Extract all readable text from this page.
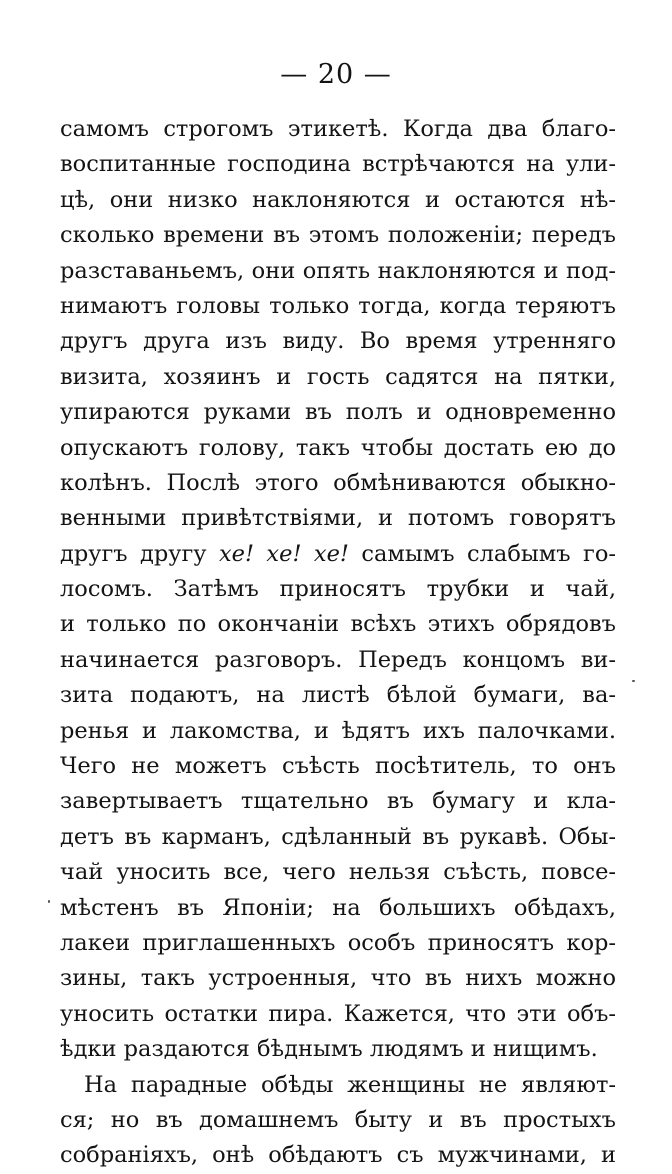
— 20 —
самомъ строгомъ этикетѣ. Когда два благо-
воспитанные господина встрѣчаются на ули-
цѣ, они низко наклоняются и остаются нѣ-
сколько времени въ этомъ положеніи; передъ
разставаньемъ, они опять наклоняются и под-
нимаютъ головы только тогда, когда теряютъ
другъ друга изъ виду. Во время утренняго
визита, хозяинъ и гость садятся на пятки,
упираются руками въ полъ и одновременно
опускаютъ голову, такъ чтобы достать ею до
колѣнъ. Послѣ этого обмѣниваются обыкно-
венными привѣтствіями, и потомъ говорятъ
другъ другу хе! хе! хе! самымъ слабымъ го-
лосомъ. Затѣмъ приносятъ трубки и чай,
и только по окончаніи всѣхъ этихъ обрядовъ
начинается разговоръ. Передъ концомъ ви-
зита подаютъ, на листѣ бѣлой бумаги, ва-
ренья и лакомства, и ѣдятъ ихъ палочками.
Чего не можетъ съѣсть посѣтитель, то онъ
завертываетъ тщательно въ бумагу и кла-
детъ въ карманъ, сдѣланный въ рукавѣ. Обы-
чай уносить все, чего нельзя съѣсть, повсе-
мѣстенъ въ Японіи; на большихъ обѣдахъ,
лакеи приглашенныхъ особъ приносятъ кор-
зины, такъ устроенныя, что въ нихъ можно
уносить остатки пира. Кажется, что эти объ-
ѣдки раздаются бѣднымъ людямъ и нищимъ.
На парадные обѣды женщины не являют-
ся; но въ домашнемъ быту и въ простыхъ
собраніяхъ, онѣ обѣдаютъ съ мужчинами, и
